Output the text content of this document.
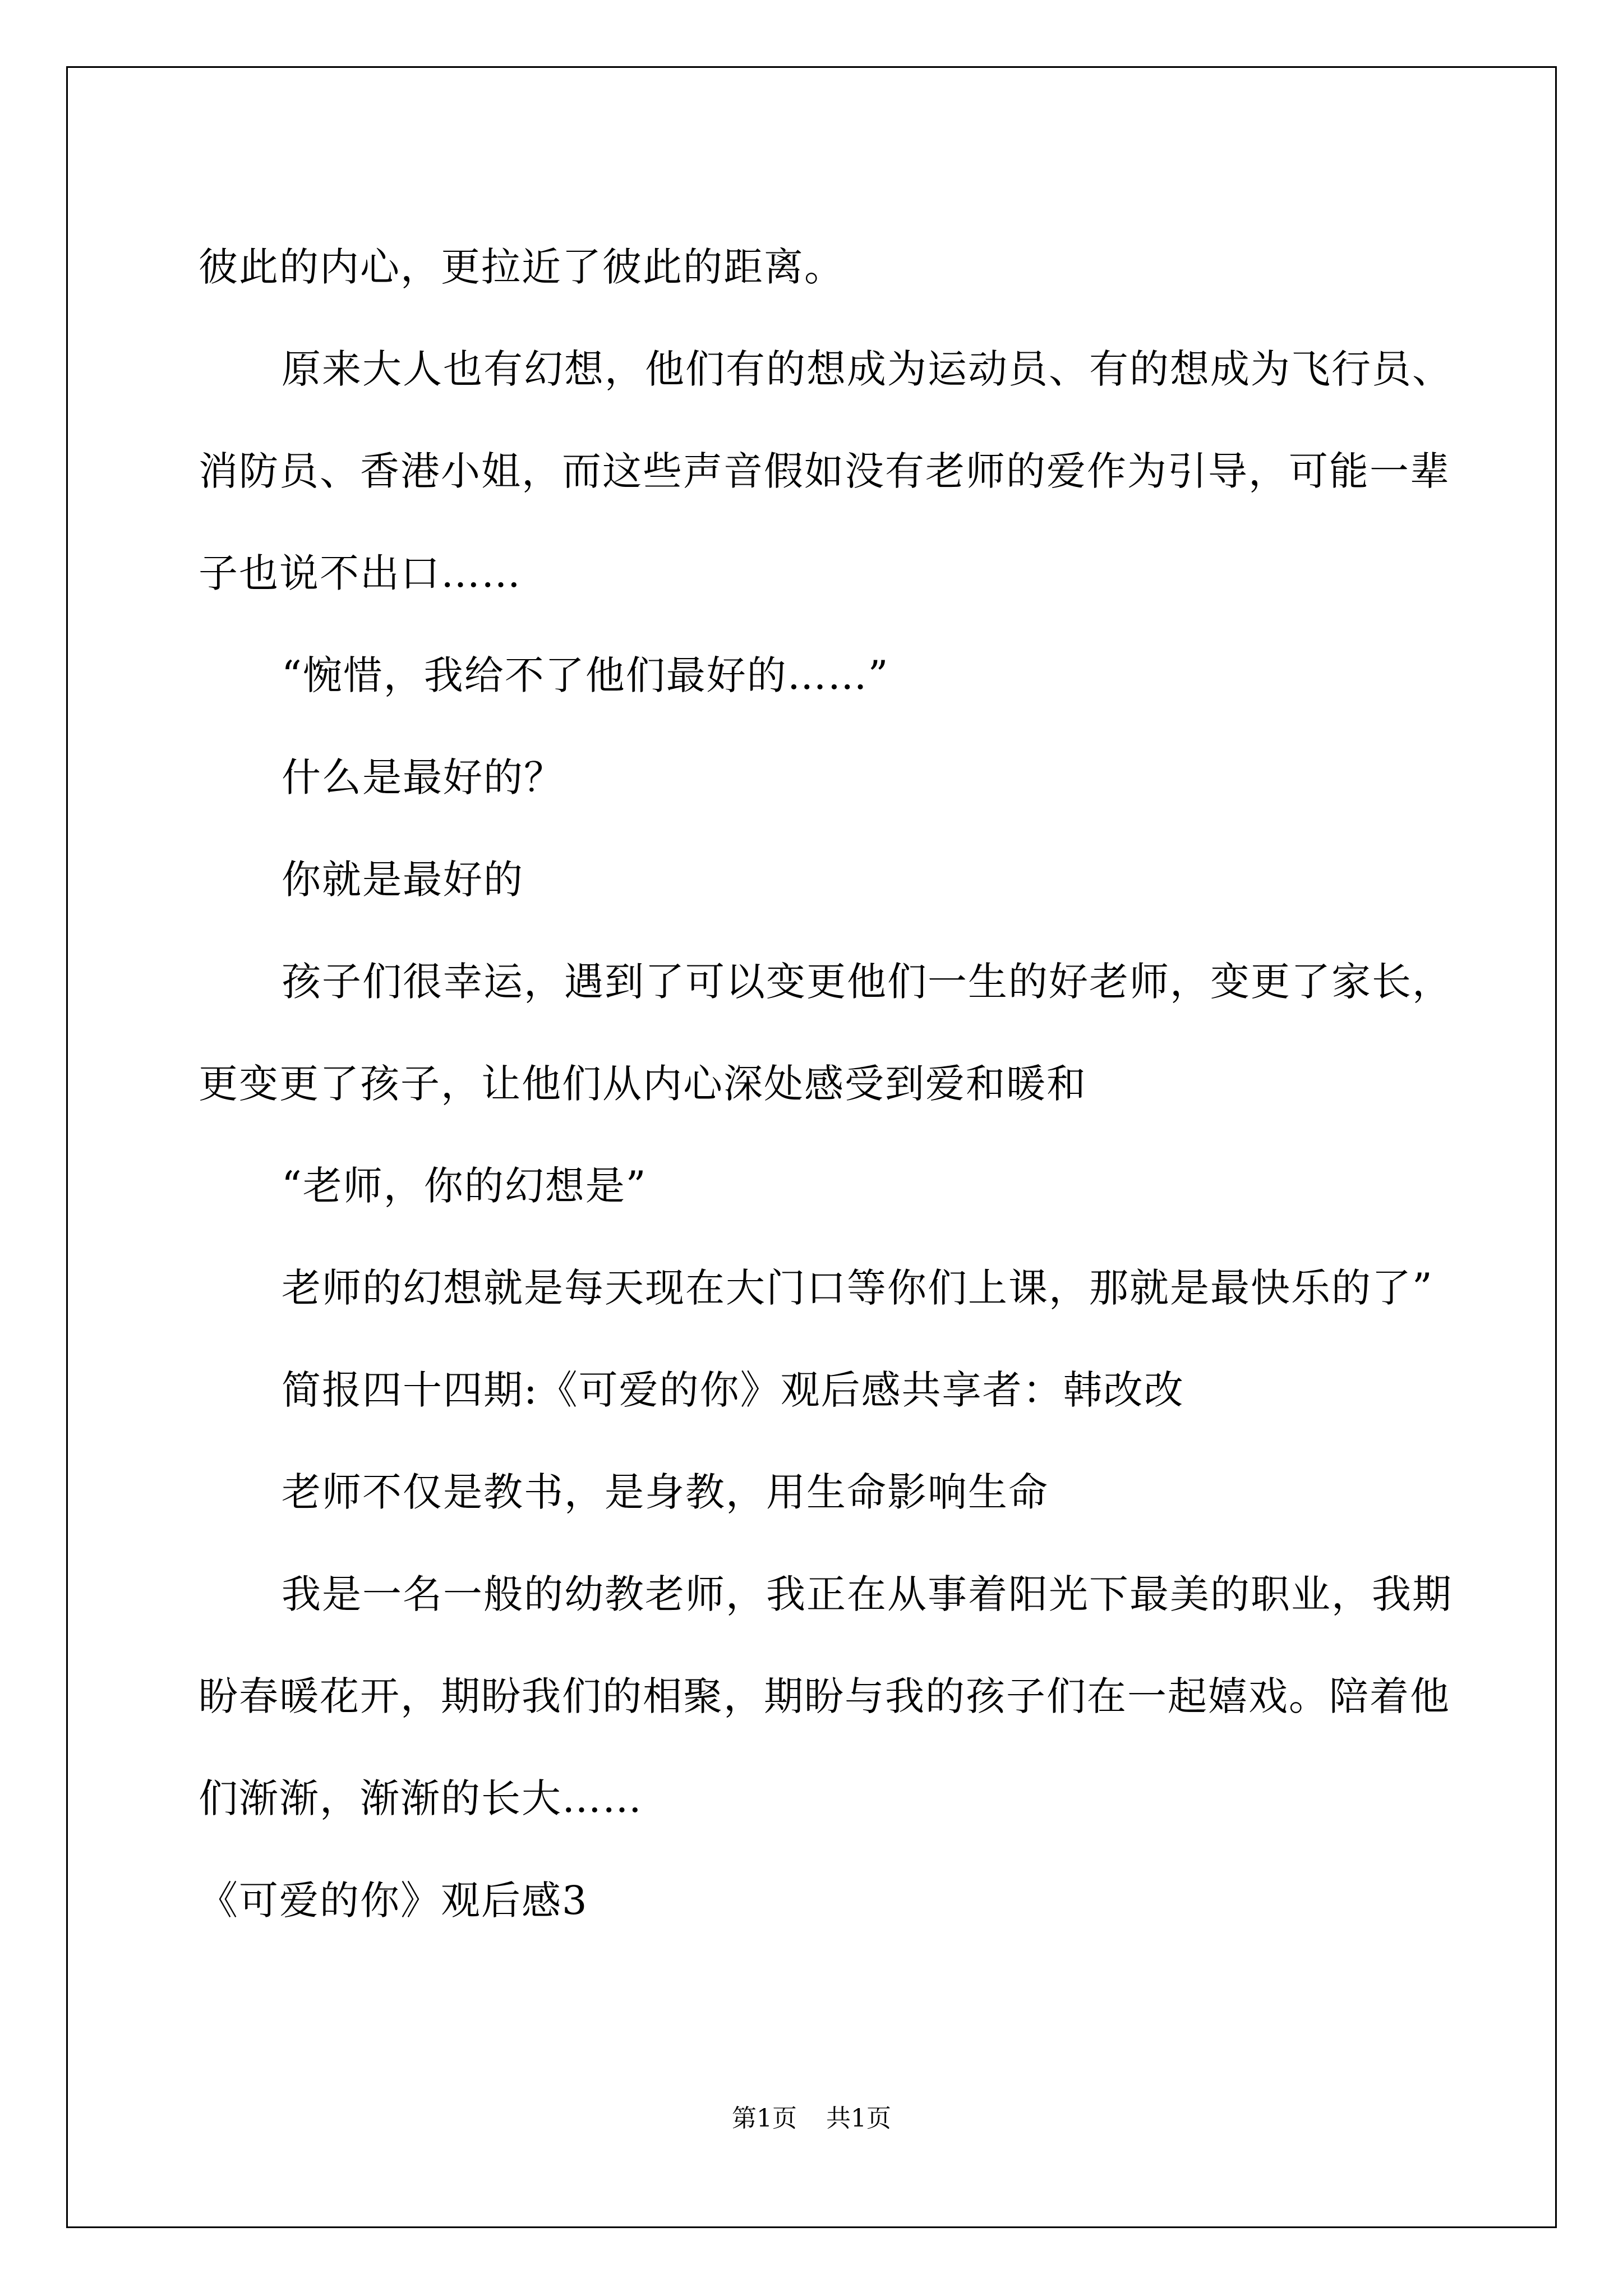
彼此的内心，更拉近了彼此的距离。

原来大人也有幻想，他们有的想成为运动员、有的想成为飞行员、消防员、香港小姐，而这些声音假如没有老师的爱作为引导，可能一辈子也说不出口……

“惋惜，我给不了他们最好的……”

什么是最好的？

你就是最好的

孩子们很幸运，遇到了可以变更他们一生的好老师，变更了家长，更变更了孩子，让他们从内心深处感受到爱和暖和

“老师，你的幻想是”

老师的幻想就是每天现在大门口等你们上课，那就是最快乐的了”

简报四十四期:《可爱的你》观后感共享者：韩改改

老师不仅是教书，是身教，用生命影响生命

我是一名一般的幼教老师，我正在从事着阳光下最美的职业，我期盼春暖花开，期盼我们的相聚，期盼与我的孩子们在一起嬉戏。陪着他们渐渐，渐渐的长大……

《可爱的你》观后感3

第1页 共1页
